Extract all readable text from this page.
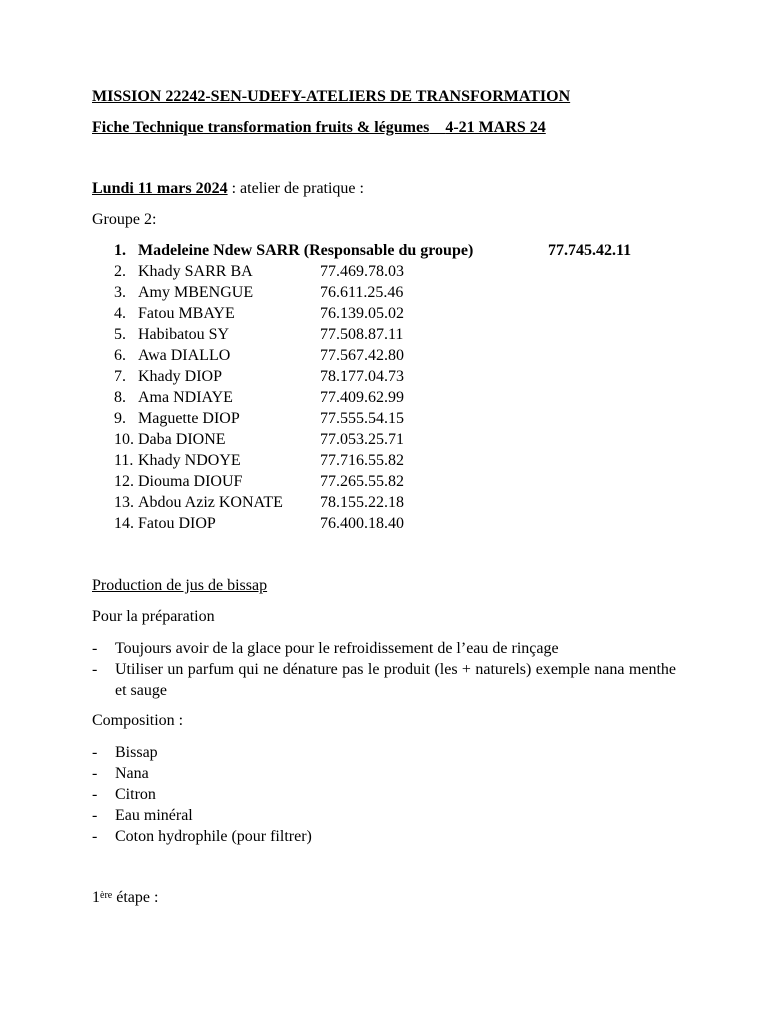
MISSION 22242-SEN-UDEFY-ATELIERS DE TRANSFORMATION
Fiche Technique transformation fruits & légumes 4-21 MARS 24
Lundi 11 mars 2024 : atelier de pratique :
Groupe 2:
1. Madeleine Ndew SARR (Responsable du groupe)	77.745.42.11
2. Khady SARR BA	77.469.78.03
3. Amy MBENGUE	76.611.25.46
4. Fatou MBAYE	76.139.05.02
5. Habibatou SY	77.508.87.11
6. Awa DIALLO	77.567.42.80
7. Khady DIOP	78.177.04.73
8. Ama NDIAYE	77.409.62.99
9. Maguette DIOP	77.555.54.15
10. Daba DIONE	77.053.25.71
11. Khady NDOYE	77.716.55.82
12. Diouma DIOUF	77.265.55.82
13. Abdou Aziz KONATE 78.155.22.18
14. Fatou DIOP	76.400.18.40
Production de jus de bissap
Pour la préparation
- Toujours avoir de la glace pour le refroidissement de l’eau de rinçage
- Utiliser un parfum qui ne dénature pas le produit (les + naturels) exemple nana menthe et sauge
Composition :
- Bissap
- Nana
- Citron
- Eau minéral
- Coton hydrophile (pour filtrer)
1ère étape :
